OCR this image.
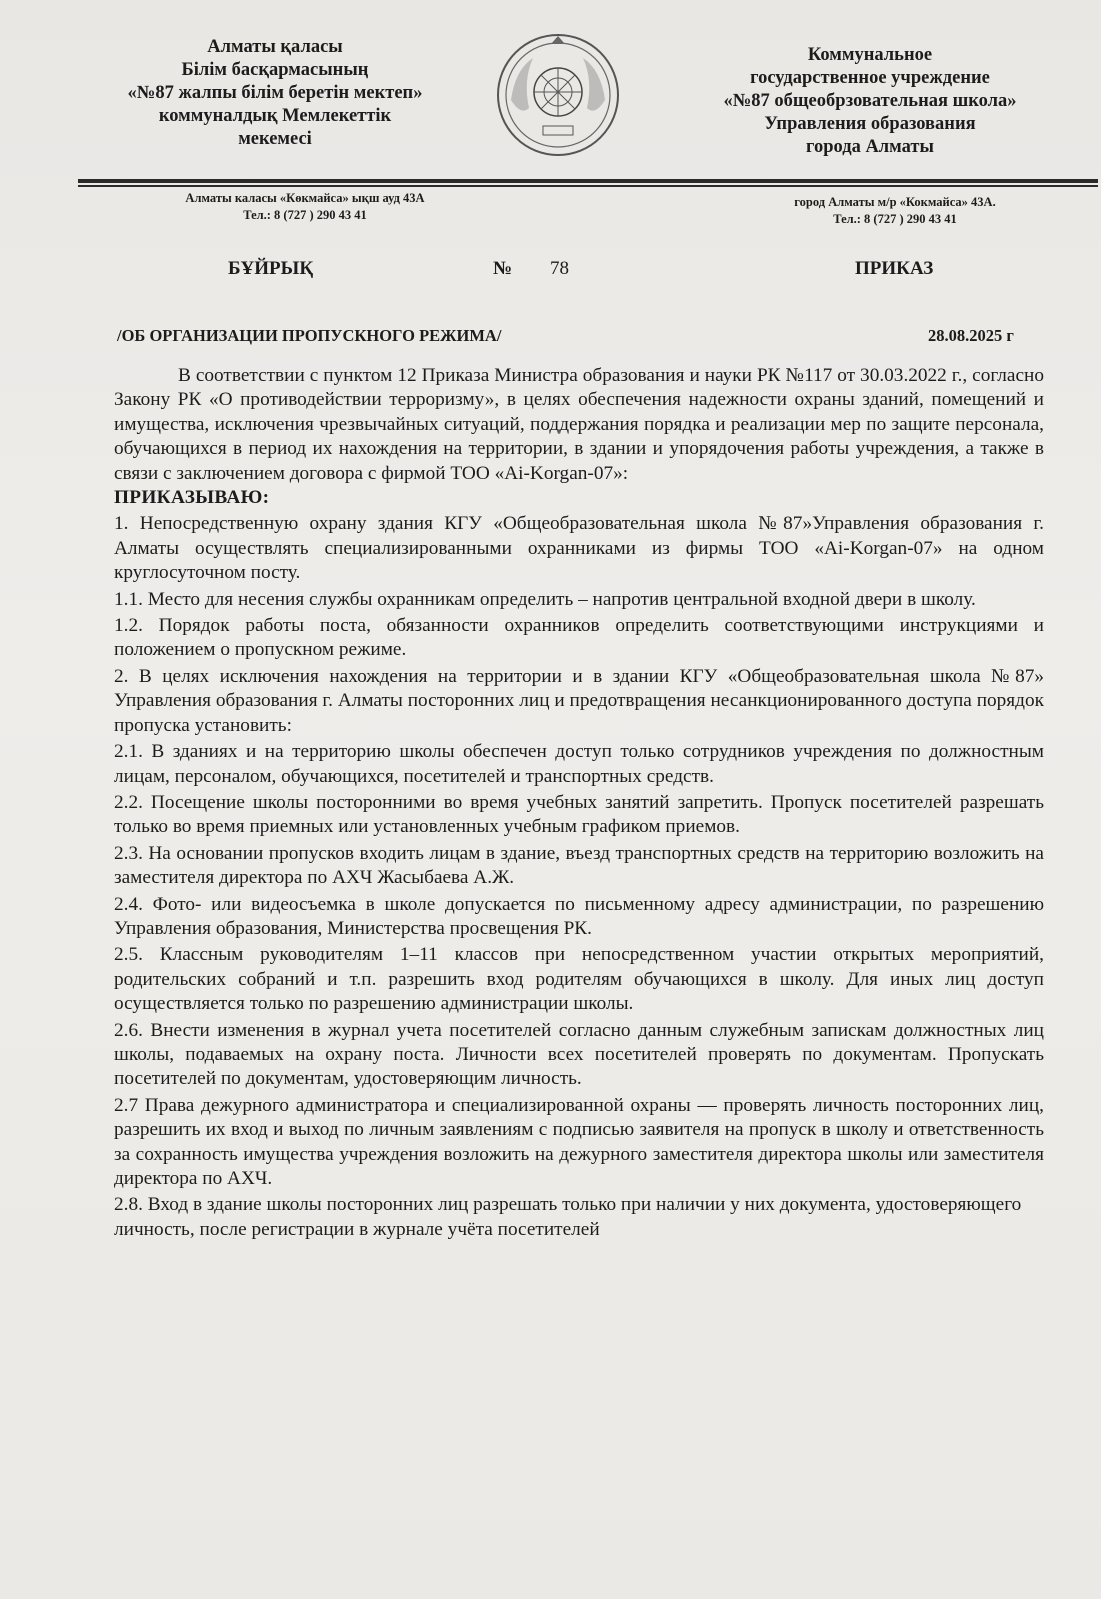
Алматы қаласы
Білім басқармасының
«№87 жалпы білім беретін мектеп»
коммуналдық Мемлекеттік
мекемесі
Коммунальное
государственное учреждение
«№87 общеобрзовательная школа»
Управления образования
города Алматы
Алматы каласы «Көкмайса» ықш ауд 43А
Тел.: 8 (727 ) 290 43 41
город Алматы м/р «Кокмайса» 43А.
Тел.: 8 (727 ) 290 43 41
БҰЙРЫҚ	№ 78	ПРИКАЗ
/ОБ ОРГАНИЗАЦИИ ПРОПУСКНОГО РЕЖИМА/	28.08.2025 г

В соответствии с пунктом 12 Приказа Министра образования и науки РК №117 от 30.03.2022 г., согласно Закону РК «О противодействии терроризму», в целях обеспечения надежности охраны зданий, помещений и имущества, исключения чрезвычайных ситуаций, поддержания порядка и реализации мер по защите персонала, обучающихся в период их нахождения на территории, в здании и упорядочения работы учреждения, а также в связи с заключением договора с фирмой ТОО «Ai-Korgan-07»:

ПРИКАЗЫВАЮ:

1. Непосредственную охрану здания КГУ «Общеобразовательная школа №87»Управления образования г. Алматы осуществлять специализированными охранниками из фирмы ТОО «Ai-Korgan-07» на одном круглосуточном посту.

1.1. Место для несения службы охранникам определить – напротив центральной входной двери в школу.

1.2. Порядок работы поста, обязанности охранников определить соответствующими инструкциями и положением о пропускном режиме.

2. В целях исключения нахождения на территории и в здании КГУ «Общеобразовательная школа №87» Управления образования г. Алматы посторонних лиц и предотвращения несанкционированного доступа порядок пропуска установить:

2.1. В зданиях и на территорию школы обеспечен доступ только сотрудников учреждения по должностным лицам, персоналом, обучающихся, посетителей и транспортных средств.

2.2. Посещение школы посторонними во время учебных занятий запретить. Пропуск посетителей разрешать только во время приемных или установленных учебным графиком приемов.

2.3. На основании пропусков входить лицам в здание, въезд транспортных средств на территорию возложить на заместителя директора по АХЧ Жасыбаева А.Ж.

2.4. Фото- или видеосъемка в школе допускается по письменному адресу администрации, по разрешению Управления образования, Министерства просвещения РК.

2.5. Классным руководителям 1–11 классов при непосредственном участии открытых мероприятий, родительских собраний и т.п. разрешить вход родителям обучающихся в школу. Для иных лиц доступ осуществляется только по разрешению администрации школы.

2.6. Внести изменения в журнал учета посетителей согласно данным служебным запискам должностных лиц школы, подаваемых на охрану поста. Личности всех посетителей проверять по документам. Пропускать посетителей по документам, удостоверяющим личность.

2.7 Права дежурного администратора и специализированной охраны — проверять личность посторонних лиц, разрешить их вход и выход по личным заявлениям с подписью заявителя на пропуск в школу и ответственность за сохранность имущества учреждения возложить на дежурного заместителя директора школы или заместителя директора по АХЧ.

2.8. Вход в здание школы посторонних лиц разрешать только при наличии у них документа, удостоверяющего личность, после регистрации в журнале учёта посетителей
